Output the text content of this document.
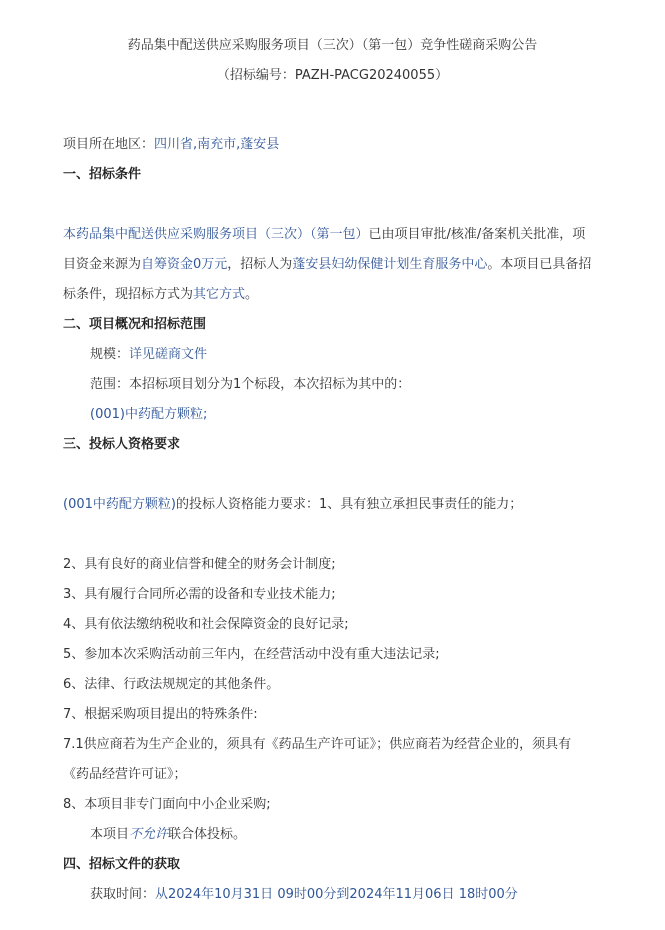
药品集中配送供应采购服务项目（三次）（第一包）竞争性磋商采购公告
（招标编号：PAZH-PACG20240055）
项目所在地区：四川省,南充市,蓬安县
一、招标条件
本药品集中配送供应采购服务项目（三次）（第一包）已由项目审批/核准/备案机关批准，项目资金来源为自筹资金0万元，招标人为蓬安县妇幼保健计划生育服务中心。本项目已具备招标条件，现招标方式为其它方式。
二、项目概况和招标范围
规模：详见磋商文件
范围：本招标项目划分为1个标段，本次招标为其中的：
(001)中药配方颗粒;
三、投标人资格要求
(001中药配方颗粒)的投标人资格能力要求：1、具有独立承担民事责任的能力；
2、具有良好的商业信誉和健全的财务会计制度;
3、具有履行合同所必需的设备和专业技术能力;
4、具有依法缴纳税收和社会保障资金的良好记录;
5、参加本次采购活动前三年内，在经营活动中没有重大违法记录;
6、法律、行政法规规定的其他条件。
7、根据采购项目提出的特殊条件:
7.1供应商若为生产企业的，须具有《药品生产许可证》；供应商若为经营企业的，须具有《药品经营许可证》；
8、本项目非专门面向中小企业采购;
本项目不允许联合体投标。
四、招标文件的获取
获取时间：从2024年10月31日 09时00分到2024年11月06日 18时00分
